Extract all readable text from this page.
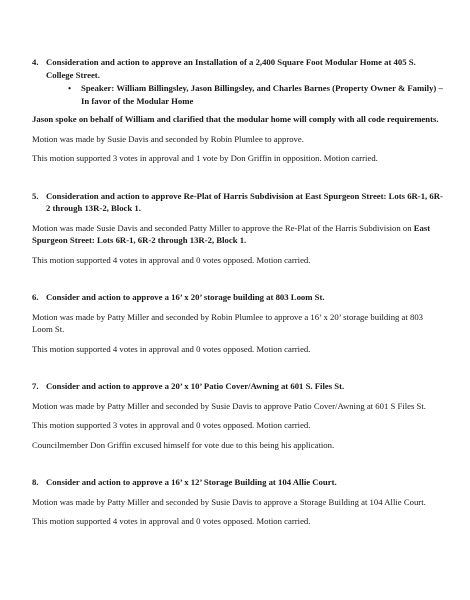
4. Consideration and action to approve an Installation of a 2,400 Square Foot Modular Home at 405 S. College Street.
•	Speaker: William Billingsley, Jason Billingsley, and Charles Barnes (Property Owner & Family) – In favor of the Modular Home
Jason spoke on behalf of William and clarified that the modular home will comply with all code requirements.
Motion was made by Susie Davis and seconded by Robin Plumlee to approve.
This motion supported 3 votes in approval and 1 vote by Don Griffin in opposition. Motion carried.
5. Consideration and action to approve Re-Plat of Harris Subdivision at East Spurgeon Street: Lots 6R-1, 6R-2 through 13R-2, Block 1.
Motion was made Susie Davis and seconded Patty Miller to approve the Re-Plat of the Harris Subdivision on East Spurgeon Street: Lots 6R-1, 6R-2 through 13R-2, Block 1.
This motion supported 4 votes in approval and 0 votes opposed. Motion carried.
6. Consider and action to approve a 16’ x 20’ storage building at 803 Loom St.
Motion was made by Patty Miller and seconded by Robin Plumlee to approve a 16’ x 20’ storage building at 803 Loom St.
This motion supported 4 votes in approval and 0 votes opposed. Motion carried.
7. Consider and action to approve a 20’ x 10’ Patio Cover/Awning at 601 S. Files St.
Motion was made by Patty Miller and seconded by Susie Davis to approve Patio Cover/Awning at 601 S Files St.
This motion supported 3 votes in approval and 0 votes opposed. Motion carried.
Councilmember Don Griffin excused himself for vote due to this being his application.
8. Consider and action to approve a 16’ x 12’ Storage Building at 104 Allie Court.
Motion was made by Patty Miller and seconded by Susie Davis to approve a Storage Building at 104 Allie Court.
This motion supported 4 votes in approval and 0 votes opposed. Motion carried.
